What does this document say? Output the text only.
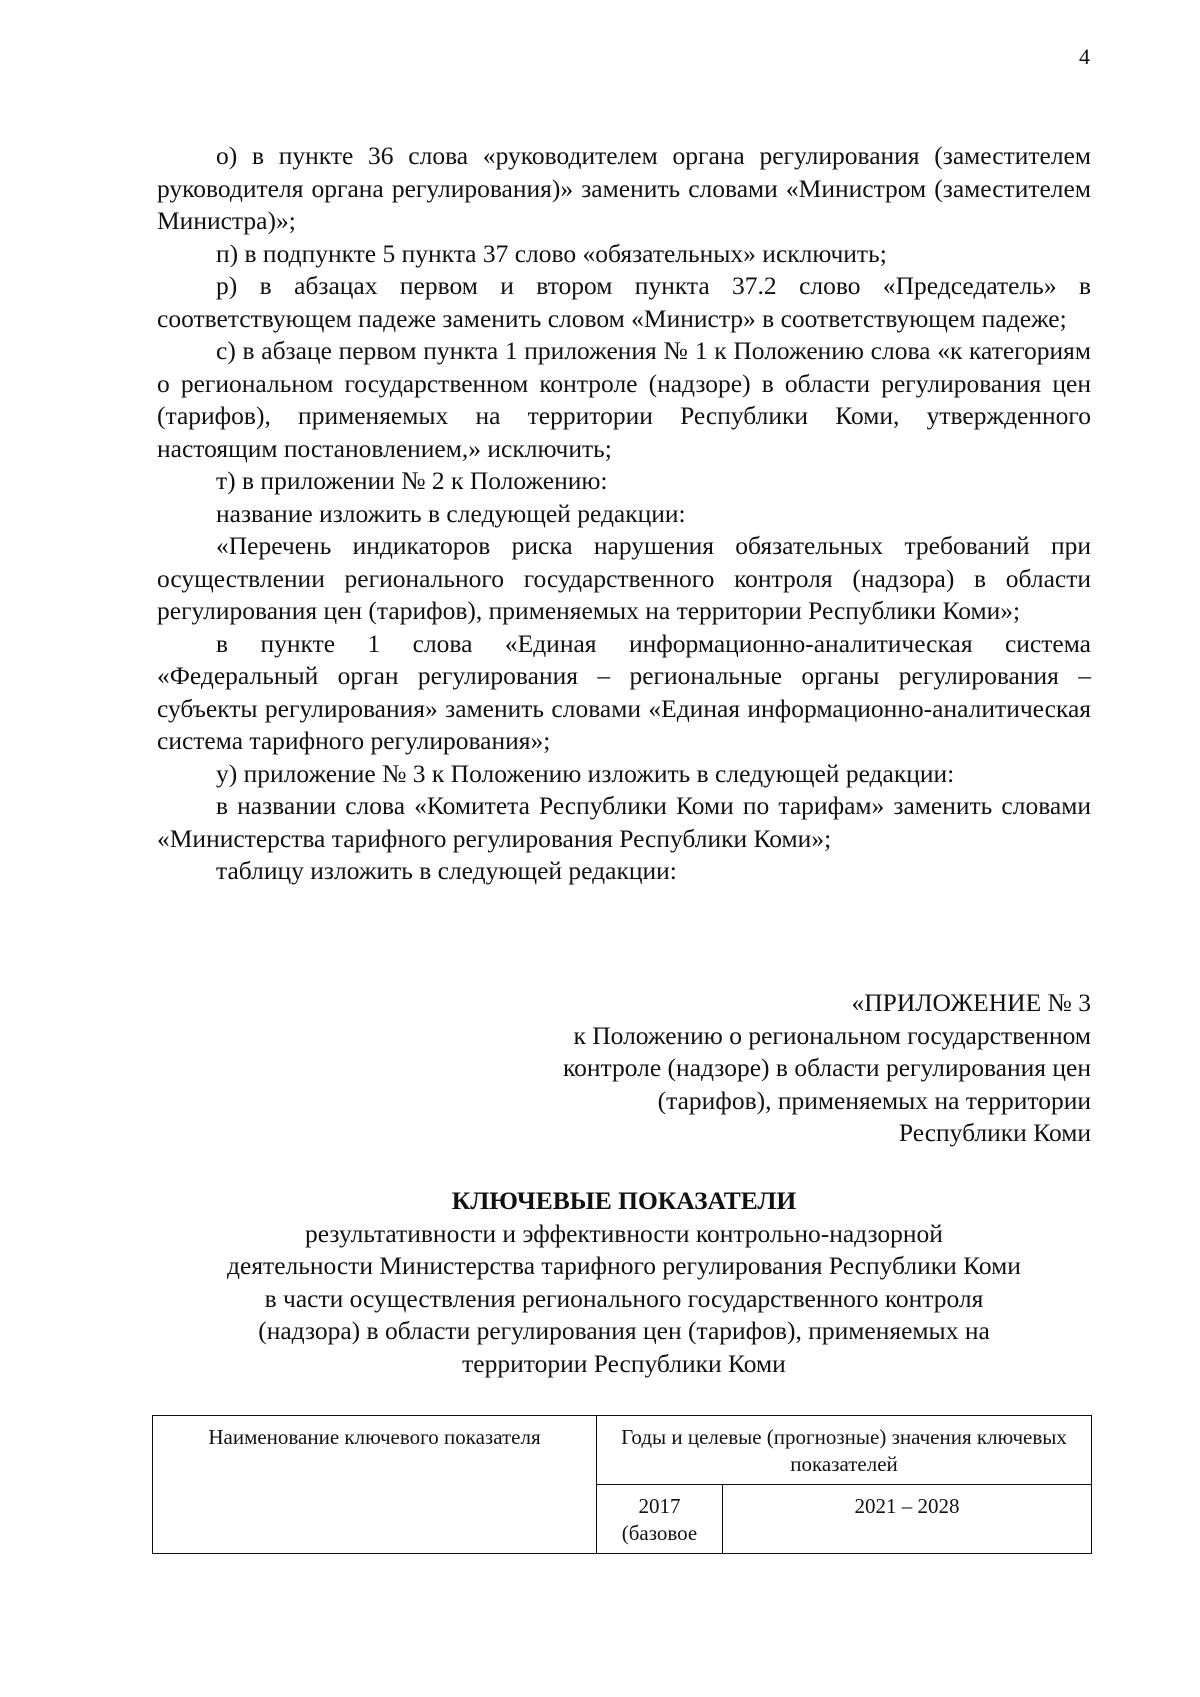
4

о) в пункте 36 слова «руководителем органа регулирования (заместителем руководителя органа регулирования)» заменить словами «Министром (заместителем Министра)»;

п) в подпункте 5 пункта 37 слово «обязательных» исключить;

р) в абзацах первом и втором пункта 37.2 слово «Председатель» в соответствующем падеже заменить словом «Министр» в соответствующем падеже;

с) в абзаце первом пункта 1 приложения № 1 к Положению слова «к категориям о региональном государственном контроле (надзоре) в области регулирования цен (тарифов), применяемых на территории Республики Коми, утвержденного настоящим постановлением,» исключить;

т) в приложении № 2 к Положению:

название изложить в следующей редакции:

«Перечень индикаторов риска нарушения обязательных требований при осуществлении регионального государственного контроля (надзора) в области регулирования цен (тарифов), применяемых на территории Республики Коми»;

в пункте 1 слова «Единая информационно-аналитическая система «Федеральный орган регулирования – региональные органы регулирования – субъекты регулирования» заменить словами «Единая информационно-аналитическая система тарифного регулирования»;

у) приложение № 3 к Положению изложить в следующей редакции:

в названии слова «Комитета Республики Коми по тарифам» заменить словами «Министерства тарифного регулирования Республики Коми»;

таблицу изложить в следующей редакции:

«ПРИЛОЖЕНИЕ № 3
к Положению о региональном государственном
контроле (надзоре) в области регулирования цен
(тарифов), применяемых на территории
Республики Коми
КЛЮЧЕВЫЕ ПОКАЗАТЕЛИ
результативности и эффективности контрольно-надзорной
деятельности Министерства тарифного регулирования Республики Коми
в части осуществления регионального государственного контроля
(надзора) в области регулирования цен (тарифов), применяемых на
территории Республики Коми
Наименование ключевого показателя	Годы и целевые (прогнозные) значения ключевых показателей	
	2017 (базовое	2021 – 2028
